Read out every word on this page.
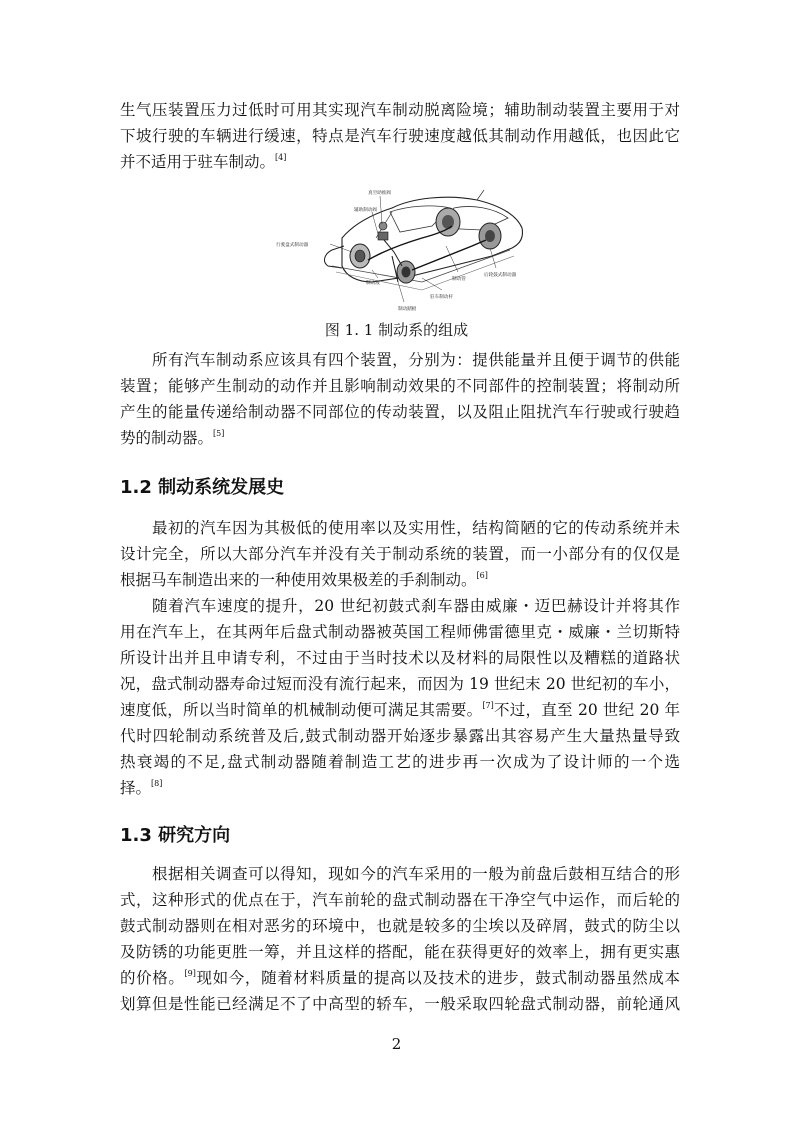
生气压装置压力过低时可用其实现汽车制动脱离险境；辅助制动装置主要用于对
下坡行驶的车辆进行缓速，特点是汽车行驶速度越低其制动作用越低，也因此它
并不适用于驻车制动。[4]
真空助推阀
辅助制动阀
行驶盘式制动器
制动液
制动踏板
驻车制动杆
制动管
后轮鼓式制动器
图 1. 1 制动系的组成
所有汽车制动系应该具有四个装置，分别为：提供能量并且便于调节的供能
装置；能够产生制动的动作并且影响制动效果的不同部件的控制装置；将制动所
产生的能量传递给制动器不同部位的传动装置，以及阻止阻扰汽车行驶或行驶趋
势的制动器。[5]
1.2 制动系统发展史
最初的汽车因为其极低的使用率以及实用性，结构简陋的它的传动系统并未
设计完全，所以大部分汽车并没有关于制动系统的装置，而一小部分有的仅仅是
根据马车制造出来的一种使用效果极差的手刹制动。[6]
随着汽车速度的提升，20 世纪初鼓式刹车器由威廉・迈巴赫设计并将其作
用在汽车上，在其两年后盘式制动器被英国工程师佛雷德里克・威廉・兰切斯特
所设计出并且申请专利，不过由于当时技术以及材料的局限性以及糟糕的道路状
况，盘式制动器寿命过短而没有流行起来，而因为 19 世纪末 20 世纪初的车小，
速度低，所以当时简单的机械制动便可满足其需要。[7]不过，直至 20 世纪 20 年
代时四轮制动系统普及后,鼓式制动器开始逐步暴露出其容易产生大量热量导致
热衰竭的不足,盘式制动器随着制造工艺的进步再一次成为了设计师的一个选
择。[8]
1.3 研究方向
根据相关调查可以得知，现如今的汽车采用的一般为前盘后鼓相互结合的形
式，这种形式的优点在于，汽车前轮的盘式制动器在干净空气中运作，而后轮的
鼓式制动器则在相对恶劣的环境中，也就是较多的尘埃以及碎屑，鼓式的防尘以
及防锈的功能更胜一筹，并且这样的搭配，能在获得更好的效率上，拥有更实惠
的价格。[9]现如今，随着材料质量的提高以及技术的进步，鼓式制动器虽然成本
划算但是性能已经满足不了中高型的轿车，一般采取四轮盘式制动器，前轮通风
2
